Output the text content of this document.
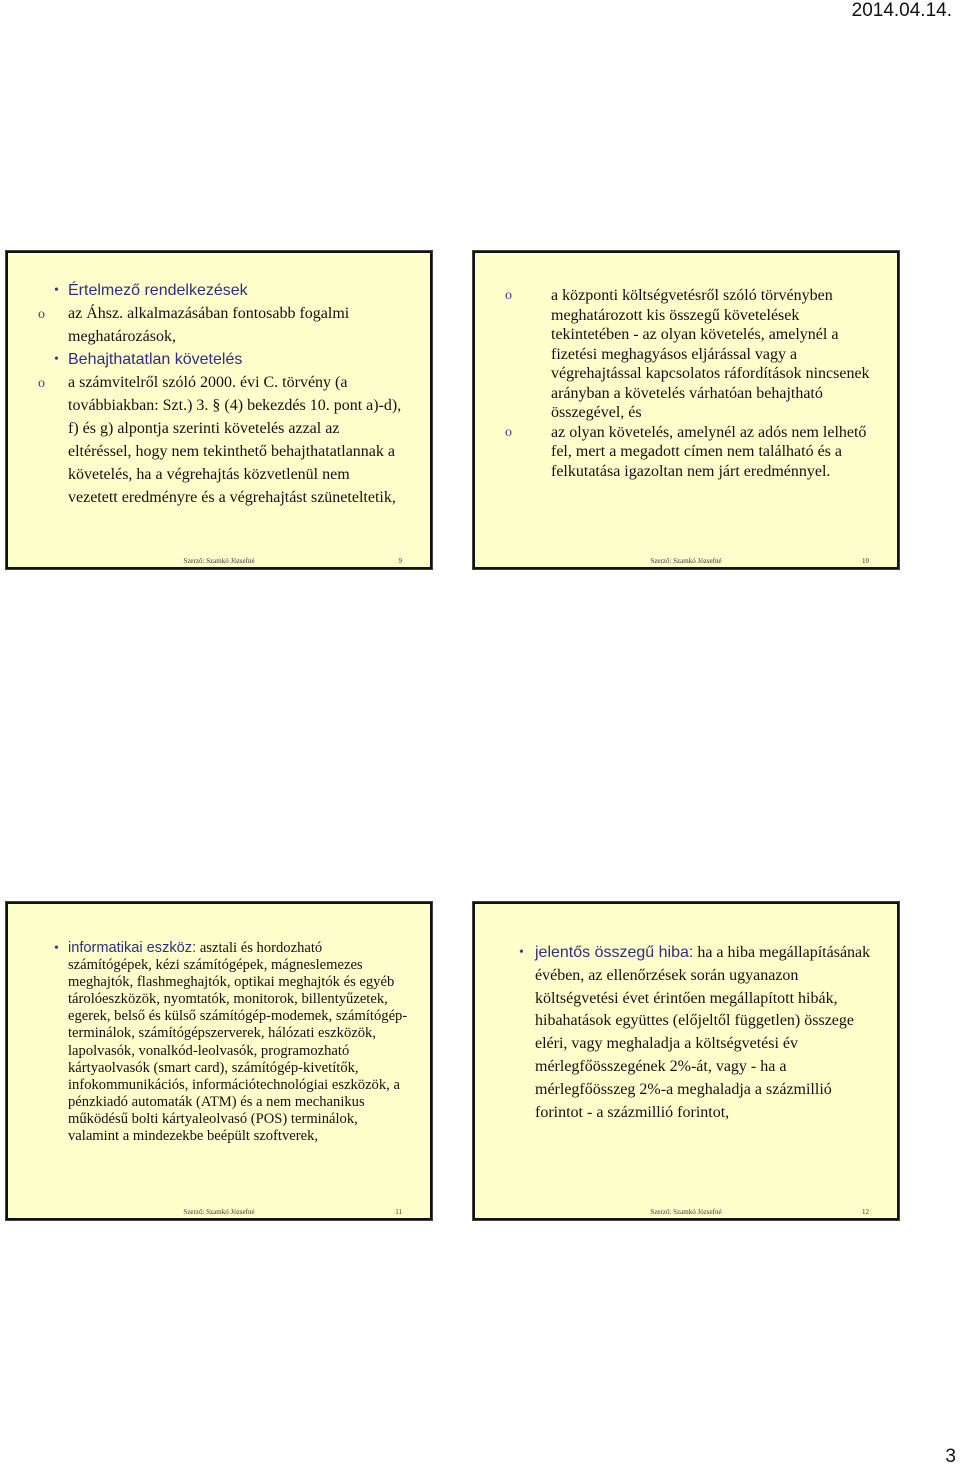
2014.04.14.
• Értelmező rendelkezések
o az Áhsz. alkalmazásában fontosabb fogalmi meghatározások,
• Behajthatatlan követelés
o a számvitelről szóló 2000. évi C. törvény (a továbbiakban: Szt.) 3. § (4) bekezdés 10. pont a)-d), f) és g) alpontja szerinti követelés azzal az eltéréssel, hogy nem tekinthető behajthatatlannak a követelés, ha a végrehajtás közvetlenül nem vezetett eredményre és a végrehajtást szüneteltetik,
Szerző: Szamkó Józsefné	9
o a központi költségvetésről szóló törvényben meghatározott kis összegű követelések tekintetében - az olyan követelés, amelynél a fizetési meghagyásos eljárással vagy a végrehajtással kapcsolatos ráfordítások nincsenek arányban a követelés várhatóan behajtható összegével, és
o az olyan követelés, amelynél az adós nem lelhető fel, mert a megadott címen nem található és a felkutatása igazoltan nem járt eredménnyel.
Szerző: Szamkó Józsefné	10
• informatikai eszköz: asztali és hordozható számítógépek, kézi számítógépek, mágneslemezes meghajtók, flashmeghajtók, optikai meghajtók és egyéb tárolóeszközök, nyomtatók, monitorok, billentyűzetek, egerek, belső és külső számítógép-modemek, számítógép-terminálok, számítógépszerverek, hálózati eszközök, lapolvasók, vonalkód-leolvasók, programozható kártyaolvasók (smart card), számítógép-kivetítők, infokommunikációs, információtechnológiai eszközök, a pénzkiadó automaták (ATM) és a nem mechanikus működésű bolti kártyaleolvasó (POS) terminálok, valamint a mindezekbe beépült szoftverek,
Szerző: Szamkó Józsefné	11
• jelentős összegű hiba: ha a hiba megállapításának évében, az ellenőrzések során ugyanazon költségvetési évet érintően megállapított hibák, hibahatások együttes (előjeltől független) összege eléri, vagy meghaladja a költségvetési év mérlegfőösszegének 2%-át, vagy - ha a mérlegfőösszeg 2%-a meghaladja a százmillió forintot - a százmillió forintot,
Szerző: Szamkó Józsefné	12
3
